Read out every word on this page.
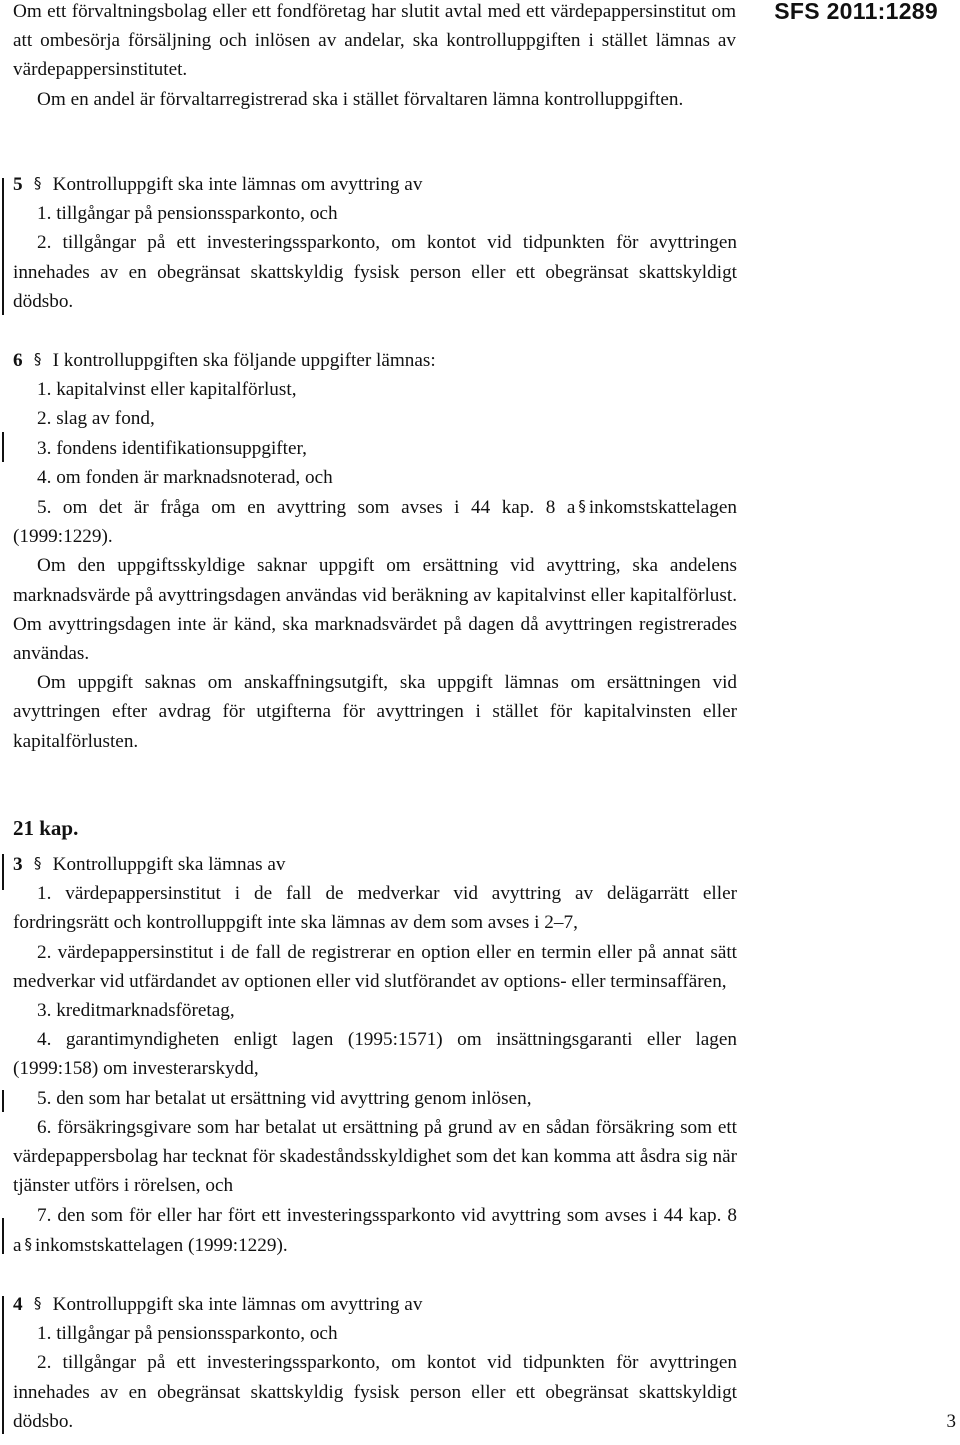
SFS 2011:1289

Om ett förvaltningsbolag eller ett fondföretag har slutit avtal med ett värdepappersinstitut om att ombesörja försäljning och inlösen av andelar, ska kontrolluppgiften i stället lämnas av värdepappersinstitutet.

Om en andel är förvaltarregistrerad ska i stället förvaltaren lämna kontrolluppgiften.

5 § Kontrolluppgift ska inte lämnas om avyttring av

1. tillgångar på pensionssparkonto, och

2. tillgångar på ett investeringssparkonto, om kontot vid tidpunkten för avyttringen innehades av en obegränsat skattskyldig fysisk person eller ett obegränsat skattskyldigt dödsbo.

6 § I kontrolluppgiften ska följande uppgifter lämnas:

1. kapitalvinst eller kapitalförlust,

2. slag av fond,

3. fondens identifikationsuppgifter,

4. om fonden är marknadsnoterad, och

5. om det är fråga om en avyttring som avses i 44 kap. 8 a § inkomstskattelagen (1999:1229).

Om den uppgiftsskyldige saknar uppgift om ersättning vid avyttring, ska andelens marknadsvärde på avyttringsdagen användas vid beräkning av kapitalvinst eller kapitalförlust. Om avyttringsdagen inte är känd, ska marknadsvärdet på dagen då avyttringen registrerades användas.

Om uppgift saknas om anskaffningsutgift, ska uppgift lämnas om ersättningen vid avyttringen efter avdrag för utgifterna för avyttringen i stället för kapitalvinsten eller kapitalförlusten.

21 kap.

3 § Kontrolluppgift ska lämnas av

1. värdepappersinstitut i de fall de medverkar vid avyttring av delägarrätt eller fordringsrätt och kontrolluppgift inte ska lämnas av dem som avses i 2–7,

2. värdepappersinstitut i de fall de registrerar en option eller en termin eller på annat sätt medverkar vid utfärdandet av optionen eller vid slutförandet av options- eller terminsaffären,

3. kreditmarknadsföretag,

4. garantimyndigheten enligt lagen (1995:1571) om insättningsgaranti eller lagen (1999:158) om investerarskydd,

5. den som har betalat ut ersättning vid avyttring genom inlösen,

6. försäkringsgivare som har betalat ut ersättning på grund av en sådan försäkring som ett värdepappersbolag har tecknat för skadeståndsskyldighet som det kan komma att åsdra sig när tjänster utförs i rörelsen, och

7. den som för eller har fört ett investeringssparkonto vid avyttring som avses i 44 kap. 8 a § inkomstskattelagen (1999:1229).

4 § Kontrolluppgift ska inte lämnas om avyttring av

1. tillgångar på pensionssparkonto, och

2. tillgångar på ett investeringssparkonto, om kontot vid tidpunkten för avyttringen innehades av en obegränsat skattskyldig fysisk person eller ett obegränsat skattskyldigt dödsbo.	3
